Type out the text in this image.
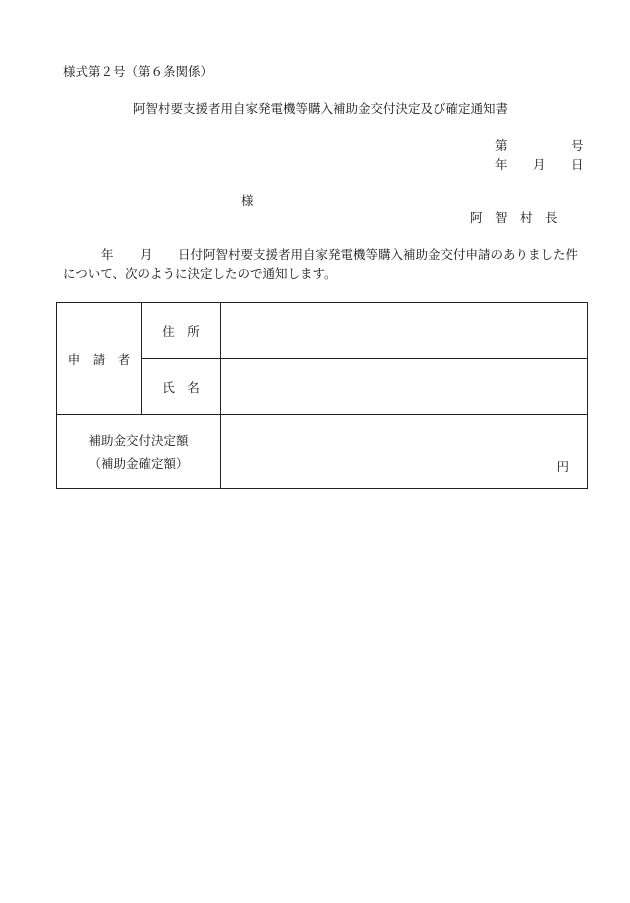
様式第２号（第６条関係）
阿智村要支援者用自家発電機等購入補助金交付決定及び確定通知書
第	号
年 月 日
様
阿　智　村　長
年 月 日付阿智村要支援者用自家発電機等購入補助金交付申請のありました件
について、次のように決定したので通知します。
申　請　者	住　所	
	氏　名	

補助金交付決定額
（補助金確定額）		円
